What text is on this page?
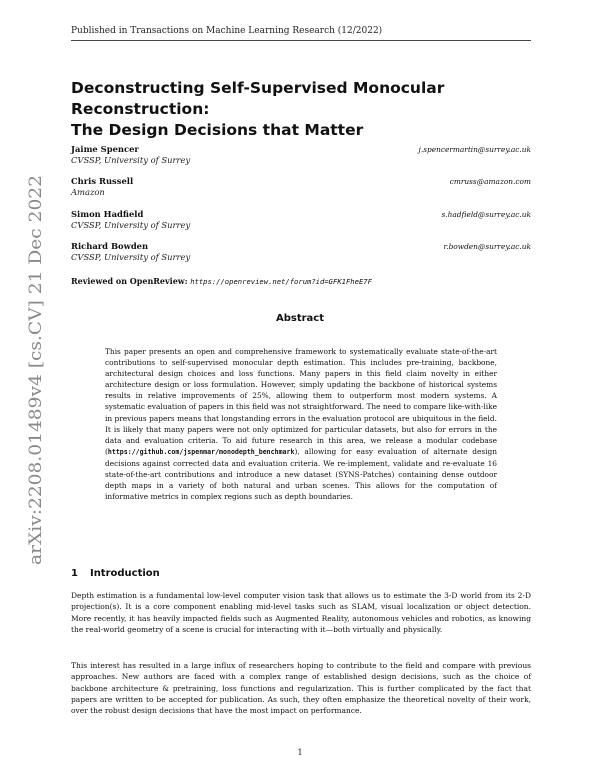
Published in Transactions on Machine Learning Research (12/2022)
arXiv:2208.01489v4 [cs.CV] 21 Dec 2022
Deconstructing Self-Supervised Monocular Reconstruction:
The Design Decisions that Matter
Jaime Spencer
CVSSP, University of Surrey
j.spencermartin@surrey.ac.uk
Chris Russell
Amazon
cmruss@amazon.com
Simon Hadfield
CVSSP, University of Surrey
s.hadfield@surrey.ac.uk
Richard Bowden
CVSSP, University of Surrey
r.bowden@surrey.ac.uk
Reviewed on OpenReview: https://openreview.net/forum?id=GFK1FheE7F
Abstract
This paper presents an open and comprehensive framework to systematically evaluate state-of-the-art contributions to self-supervised monocular depth estimation. This includes pre-training, backbone, architectural design choices and loss functions. Many papers in this field claim novelty in either architecture design or loss formulation. However, simply updating the backbone of historical systems results in relative improvements of 25%, allowing them to outperform most modern systems. A systematic evaluation of papers in this field was not straightforward. The need to compare like-with-like in previous papers means that longstanding errors in the evaluation protocol are ubiquitous in the field. It is likely that many papers were not only optimized for particular datasets, but also for errors in the data and evaluation criteria. To aid future research in this area, we release a modular codebase (https://github.com/jspenmar/monodepth_benchmark), allowing for easy evaluation of alternate design decisions against corrected data and evaluation criteria. We re-implement, validate and re-evaluate 16 state-of-the-art contributions and introduce a new dataset (SYNS-Patches) containing dense outdoor depth maps in a variety of both natural and urban scenes. This allows for the computation of informative metrics in complex regions such as depth boundaries.
1 Introduction
Depth estimation is a fundamental low-level computer vision task that allows us to estimate the 3-D world from its 2-D projection(s). It is a core component enabling mid-level tasks such as SLAM, visual localization or object detection. More recently, it has heavily impacted fields such as Augmented Reality, autonomous vehicles and robotics, as knowing the real-world geometry of a scene is crucial for interacting with it—both virtually and physically.
This interest has resulted in a large influx of researchers hoping to contribute to the field and compare with previous approaches. New authors are faced with a complex range of established design decisions, such as the choice of backbone architecture & pretraining, loss functions and regularization. This is further complicated by the fact that papers are written to be accepted for publication. As such, they often emphasize the theoretical novelty of their work, over the robust design decisions that have the most impact on performance.
1
